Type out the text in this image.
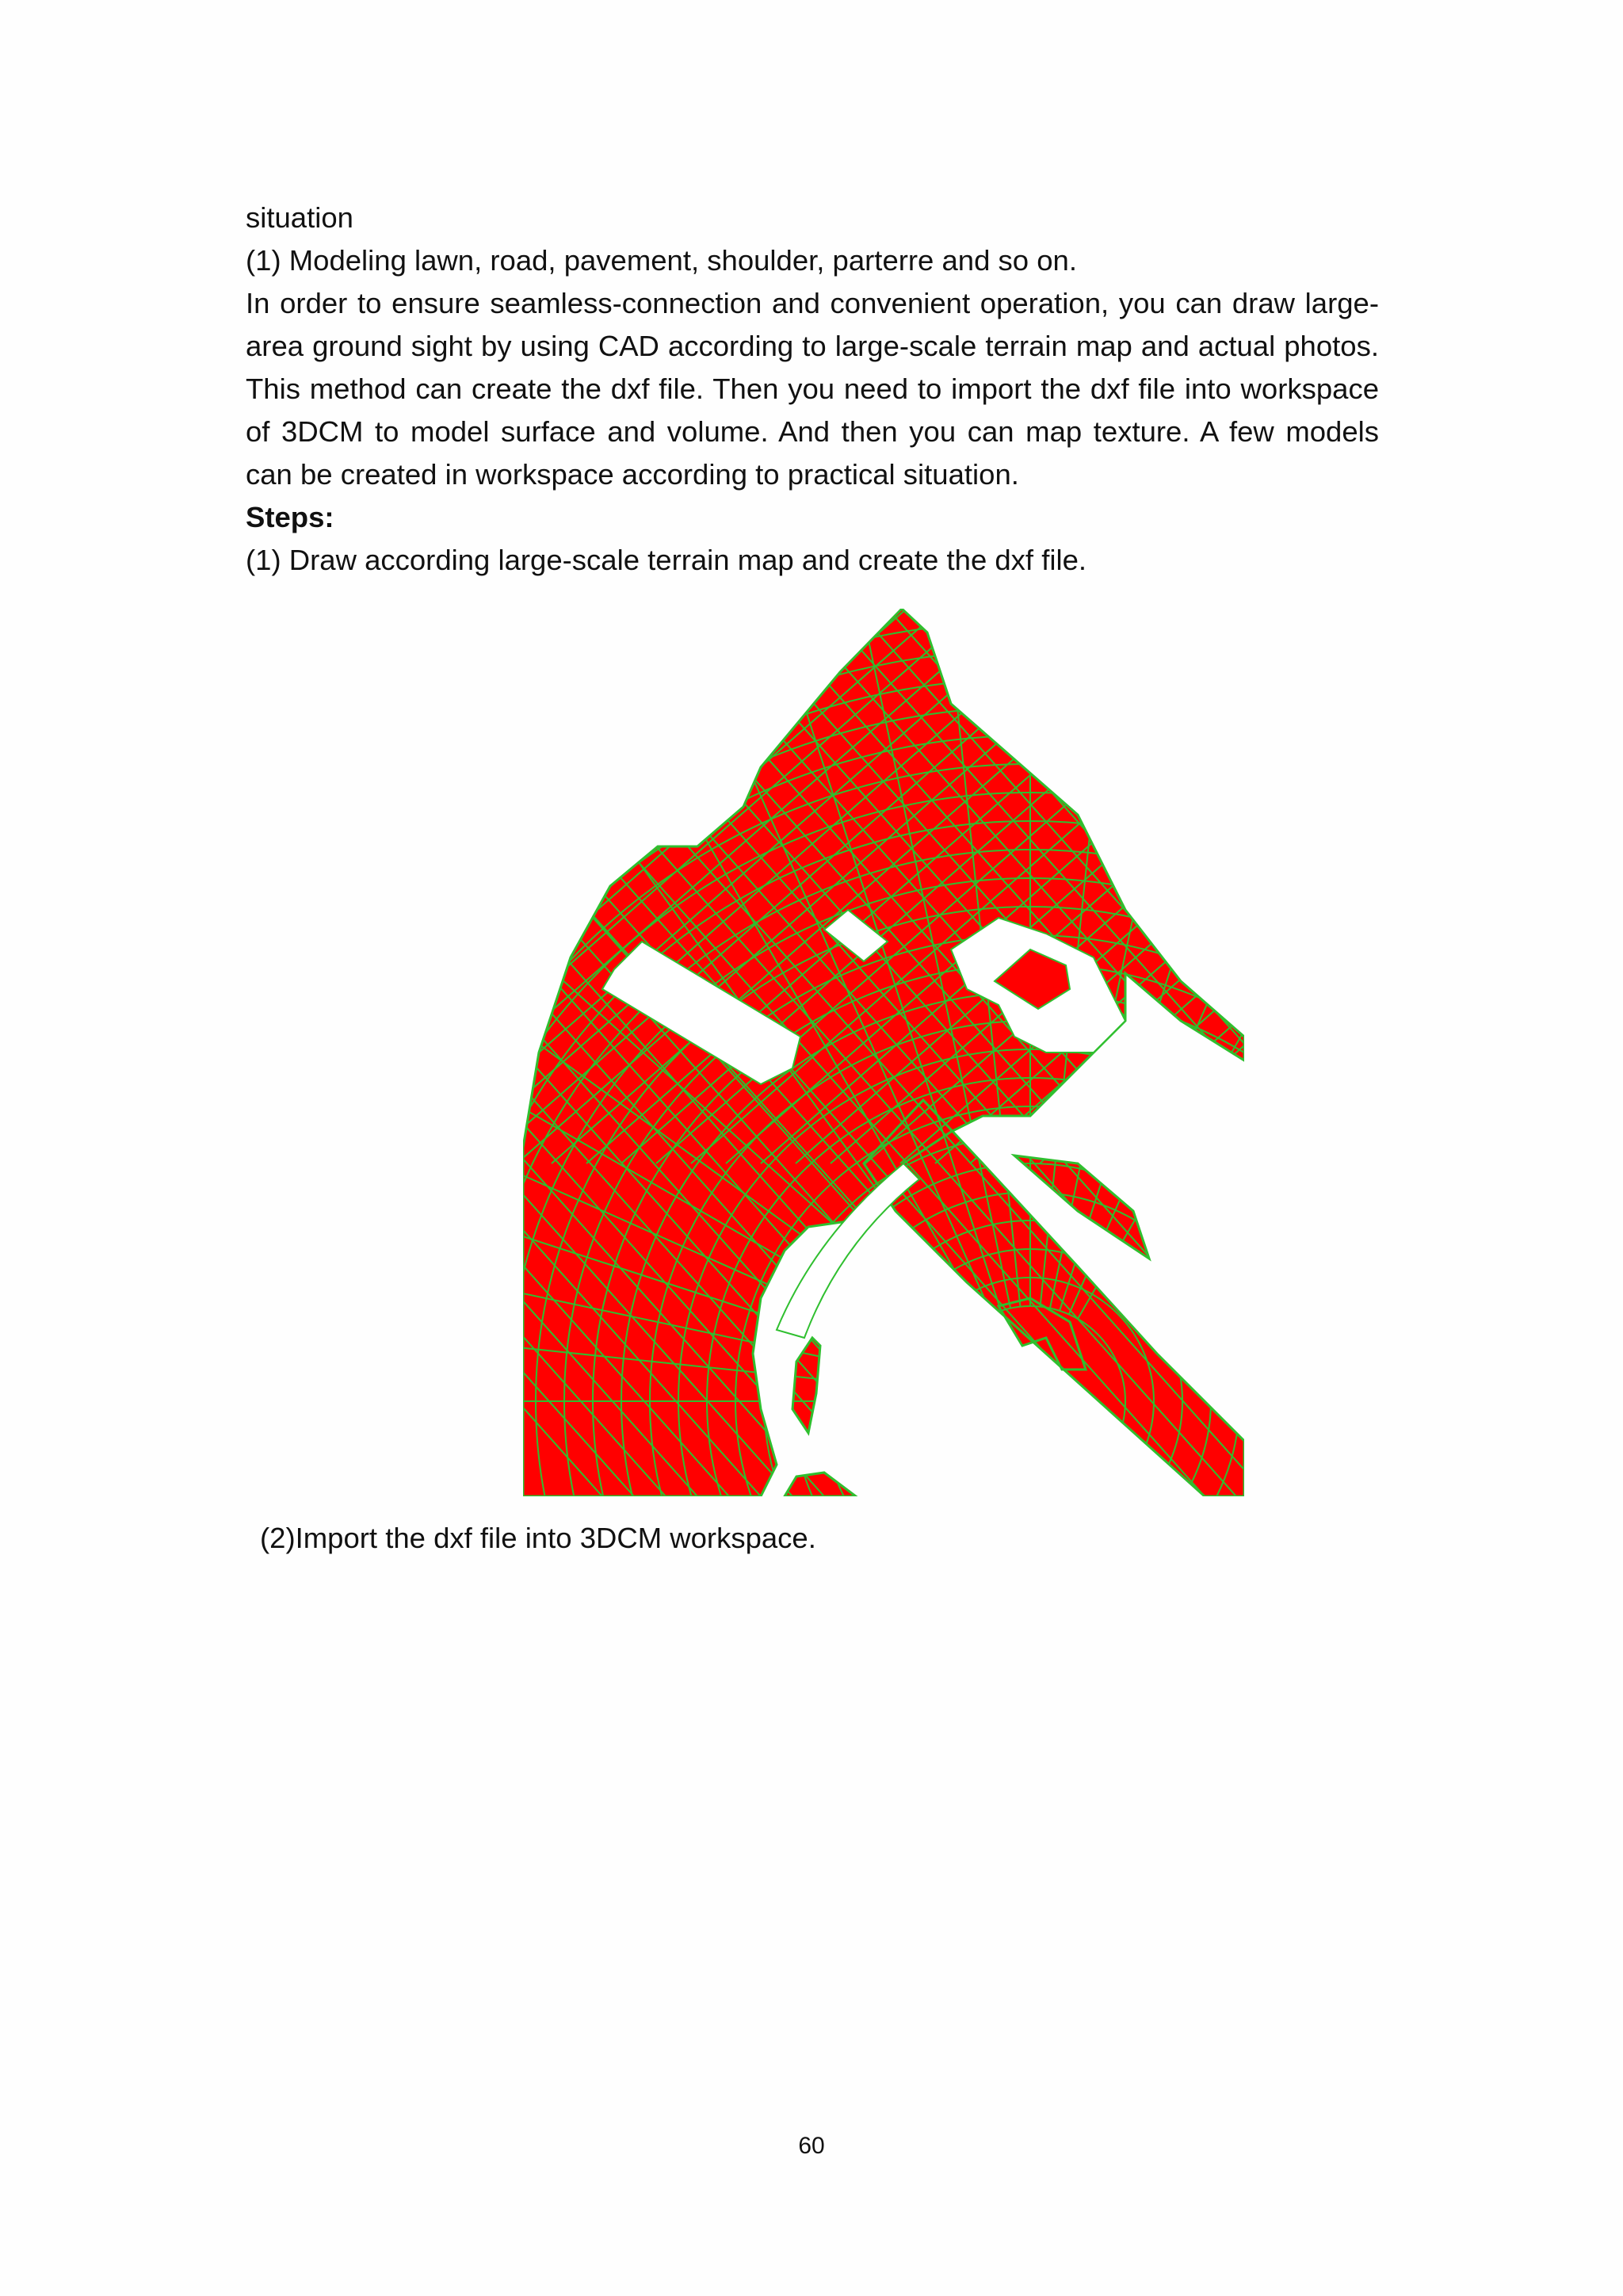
situation

(1) Modeling lawn, road, pavement, shoulder, parterre and so on.

In order to ensure seamless-connection and convenient operation, you can draw large-area ground sight by using CAD according to large-scale terrain map and actual photos. This method can create the dxf file. Then you need to import the dxf file into workspace of 3DCM to model surface and volume. And then you can map texture. A few models can be created in workspace according to practical situation.

Steps:

(1) Draw according large-scale terrain map and create the dxf file.

(2)Import the dxf file into 3DCM workspace.
60
